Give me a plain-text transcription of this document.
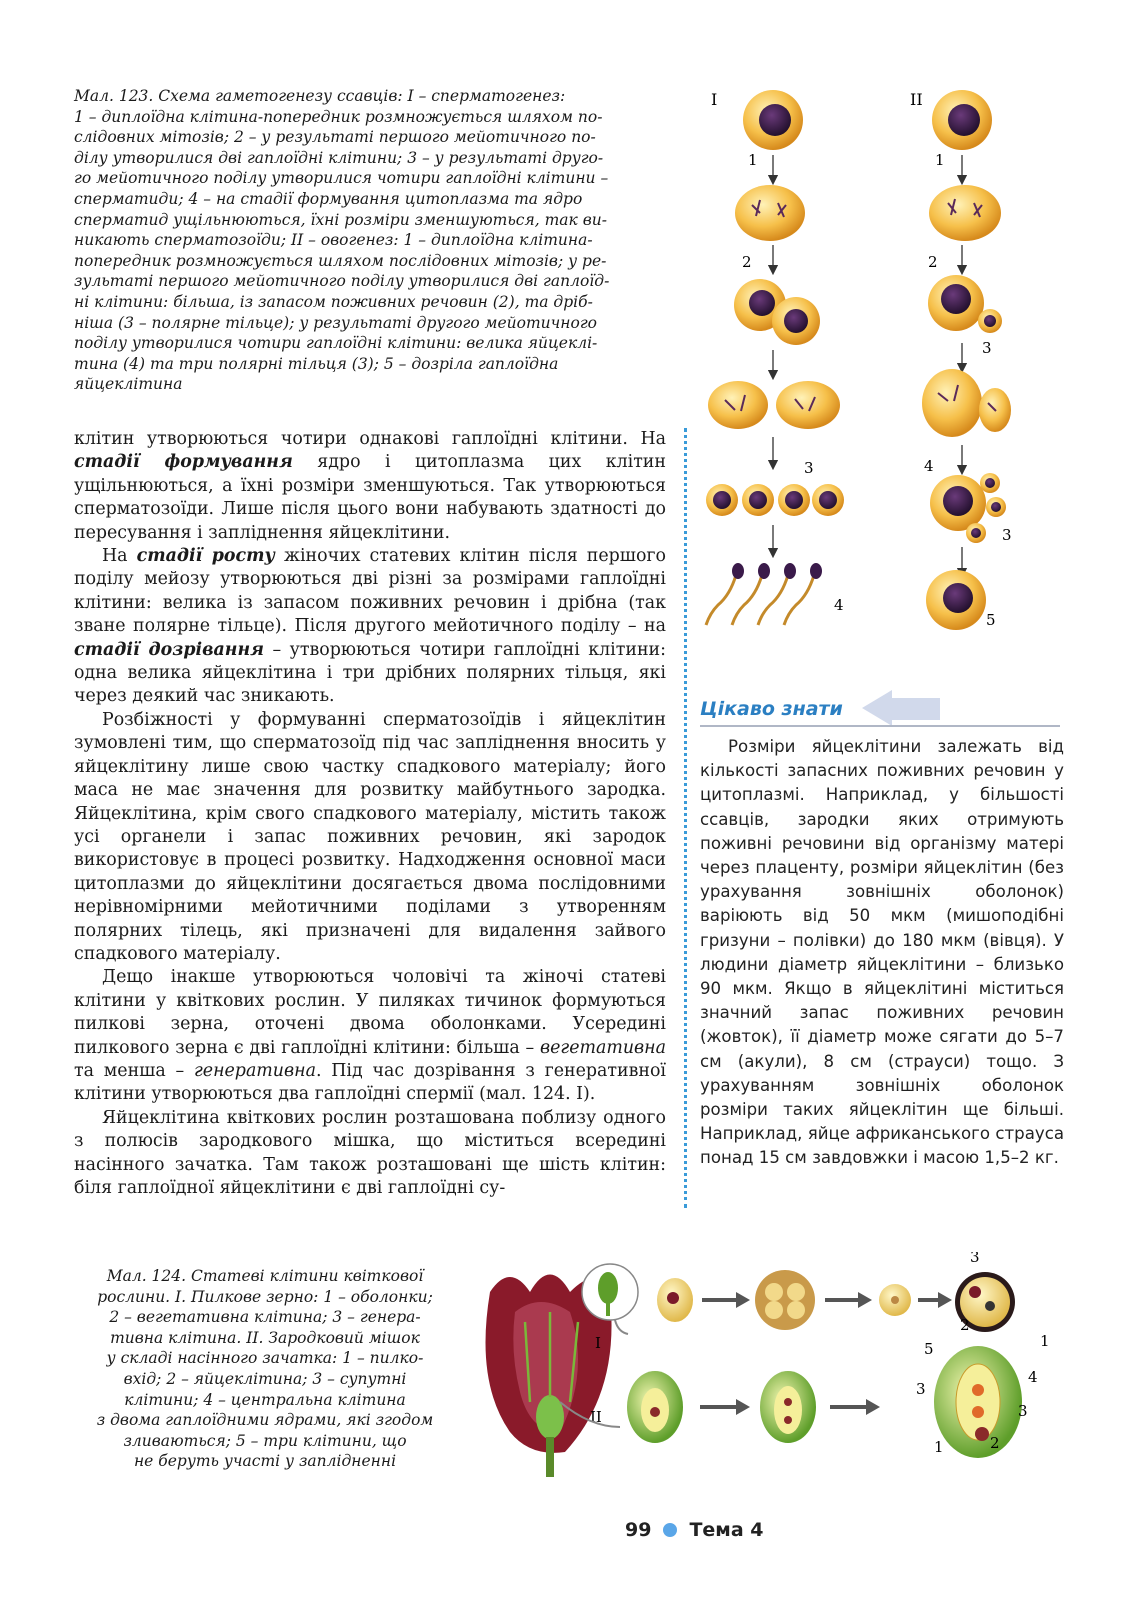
Мал. 123. Схема гаметогенезу ссавців: І – сперматогенез:

1 – диплоїдна клітина-попередник розмножується шляхом по-

слідовних мітозів; 2 – у результаті першого мейотичного по-

ділу утворилися дві гаплоїдні клітини; 3 – у результаті друго-

го мейотичного поділу утворилися чотири гаплоїдні клітини –

сперматиди; 4 – на стадії формування цитоплазма та ядро

сперматид ущільнюються, їхні розміри зменшуються, так ви-

никають сперматозоїди; ІІ – овогенез: 1 – диплоїдна клітина-

попередник розмножується шляхом послідовних мітозів; у ре-

зультаті першого мейотичного поділу утворилися дві гаплоїд-

ні клітини: більша, із запасом поживних речовин (2), та дріб-

ніша (3 – полярне тільце); у результаті другого мейотичного

поділу утворилися чотири гаплоїдні клітини: велика яйцеклі-

тина (4) та три полярні тільця (3); 5 – дозріла гаплоїдна

яйцеклітина

клітин утворюються чотири однакові гаплоїдні клітини. На стадії формування ядро і цитоплазма цих клітин ущільнюються, а їхні розміри зменшуються. Так утворюються сперматозоїди. Лише після цього вони набувають здатності до пересування і запліднення яйцеклітини.

На стадії росту жіночих статевих клітин після першого поділу мейозу утворюються дві різні за розмірами гаплоїдні клітини: велика із запасом поживних речовин і дрібна (так зване полярне тільце). Після другого мейотичного поділу – на стадії дозрівання – утворюються чотири гаплоїдні клітини: одна велика яйцеклітина і три дрібних полярних тільця, які через деякий час зникають.

Розбіжності у формуванні сперматозоїдів і яйцеклітин зумовлені тим, що сперматозоїд під час запліднення вносить у яйцеклітину лише свою частку спадкового матеріалу; його маса не має значення для розвитку майбутнього зародка. Яйцеклітина, крім свого спадкового матеріалу, містить також усі органели і запас поживних речовин, які зародок використовує в процесі розвитку. Надходження основної маси цитоплазми до яйцеклітини досягається двома послідовними нерівномірними мейотичними поділами з утворенням полярних тілець, які призначені для видалення зайвого спадкового матеріалу.

Дещо інакше утворюються чоловічі та жіночі статеві клітини у квіткових рослин. У пиляках тичинок формуються пилкові зерна, оточені двома оболонками. Усередині пилкового зерна є дві гаплоїдні клітини: більша – вегетативна та менша – генеративна. Під час дозрівання з генеративної клітини утворюються два гаплоїдні спермії (мал. 124. І).

Яйцеклітина квіткових рослин розташована поблизу одного з полюсів зародкового мішка, що міститься всередині насінного зачатка. Там також розташовані ще шість клітин: біля гаплоїдної яйцеклітини є дві гаплоїдні су-

I	II
1
2
3
4
1
2
3
4
3
5
Цікаво знати

Розміри яйцеклітини залежать від кількості запасних поживних речовин у цитоплазмі. Наприклад, у більшості ссавців, зародки яких отримують поживні речовини від організму матері через плаценту, розміри яйцеклітин (без урахування зовнішніх оболонок) варіюють від 50 мкм (мишоподібні гризуни – полівки) до 180 мкм (вівця). У людини діаметр яйцеклітини – близько 90 мкм. Якщо в яйцеклітині міститься значний запас поживних речовин (жовток), її діаметр може сягати до 5–7 см (акули), 8 см (страуси) тощо. З урахуванням зовнішніх оболонок розміри таких яйцеклітин ще більші. Наприклад, яйце африканського страуса понад 15 см завдовжки і масою 1,5–2 кг.

Мал. 124. Статеві клітини квіткової

рослини. І. Пилкове зерно: 1 – оболонки;

2 – вегетативна клітина; 3 – генера-

тивна клітина. ІІ. Зародковий мішок

у складі насінного зачатка: 1 – пилко-

вхід; 2 – яйцеклітина; 3 – супутні

клітини; 4 – центральна клітина

з двома гаплоїдними ядрами, які згодом

зливаються; 5 – три клітини, що

не беруть участі у заплідненні

I
3
2
1
II
5
4
3
3
1	2
99 Тема 4
